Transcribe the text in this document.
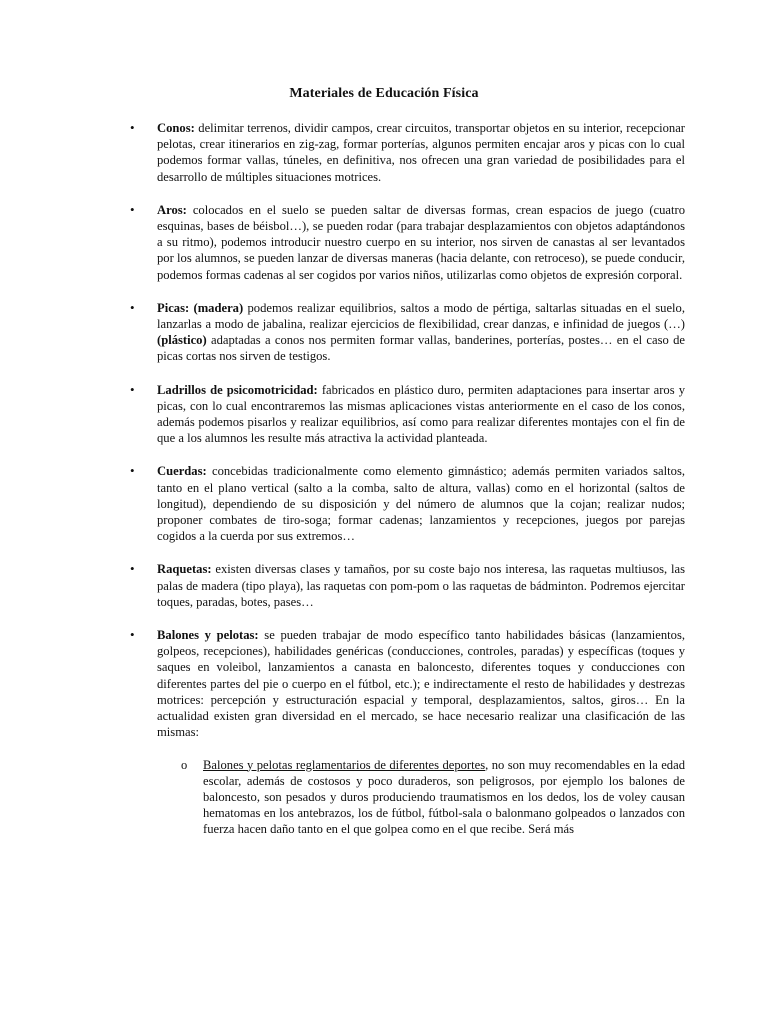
Materiales de Educación Física
• Conos: delimitar terrenos, dividir campos, crear circuitos, transportar objetos en su interior, recepcionar pelotas, crear itinerarios en zig-zag, formar porterías, algunos permiten encajar aros y picas con lo cual podemos formar vallas, túneles, en definitiva, nos ofrecen una gran variedad de posibilidades para el desarrollo de múltiples situaciones motrices.
• Aros: colocados en el suelo se pueden saltar de diversas formas, crean espacios de juego (cuatro esquinas, bases de béisbol…), se pueden rodar (para trabajar desplazamientos con objetos adaptándonos a su ritmo), podemos introducir nuestro cuerpo en su interior, nos sirven de canastas al ser levantados por los alumnos, se pueden lanzar de diversas maneras (hacia delante, con retroceso), se puede conducir, podemos formas cadenas al ser cogidos por varios niños, utilizarlas como objetos de expresión corporal.
• Picas: (madera) podemos realizar equilibrios, saltos a modo de pértiga, saltarlas situadas en el suelo, lanzarlas a modo de jabalina, realizar ejercicios de flexibilidad, crear danzas, e infinidad de juegos (…) (plástico) adaptadas a conos nos permiten formar vallas, banderines, porterías, postes… en el caso de picas cortas nos sirven de testigos.
• Ladrillos de psicomotricidad: fabricados en plástico duro, permiten adaptaciones para insertar aros y picas, con lo cual encontraremos las mismas aplicaciones vistas anteriormente en el caso de los conos, además podemos pisarlos y realizar equilibrios, así como para realizar diferentes montajes con el fin de que a los alumnos les resulte más atractiva la actividad planteada.
• Cuerdas: concebidas tradicionalmente como elemento gimnástico; además permiten variados saltos, tanto en el plano vertical (salto a la comba, salto de altura, vallas) como en el horizontal (saltos de longitud), dependiendo de su disposición y del número de alumnos que la cojan; realizar nudos; proponer combates de tiro-soga; formar cadenas; lanzamientos y recepciones, juegos por parejas cogidos a la cuerda por sus extremos…
• Raquetas: existen diversas clases y tamaños, por su coste bajo nos interesa, las raquetas multiusos, las palas de madera (tipo playa), las raquetas con pom-pom o las raquetas de bádminton. Podremos ejercitar toques, paradas, botes, pases…
• Balones y pelotas: se pueden trabajar de modo específico tanto habilidades básicas (lanzamientos, golpeos, recepciones), habilidades genéricas (conducciones, controles, paradas) y específicas (toques y saques en voleibol, lanzamientos a canasta en baloncesto, diferentes toques y conducciones con diferentes partes del pie o cuerpo en el fútbol, etc.); e indirectamente el resto de habilidades y destrezas motrices: percepción y estructuración espacial y temporal, desplazamientos, saltos, giros… En la actualidad existen gran diversidad en el mercado, se hace necesario realizar una clasificación de las mismas:
o Balones y pelotas reglamentarios de diferentes deportes, no son muy recomendables en la edad escolar, además de costosos y poco duraderos, son peligrosos, por ejemplo los balones de baloncesto, son pesados y duros produciendo traumatismos en los dedos, los de voley causan hematomas en los antebrazos, los de fútbol, fútbol-sala o balonmano golpeados o lanzados con fuerza hacen daño tanto en el que golpea como en el que recibe. Será más
